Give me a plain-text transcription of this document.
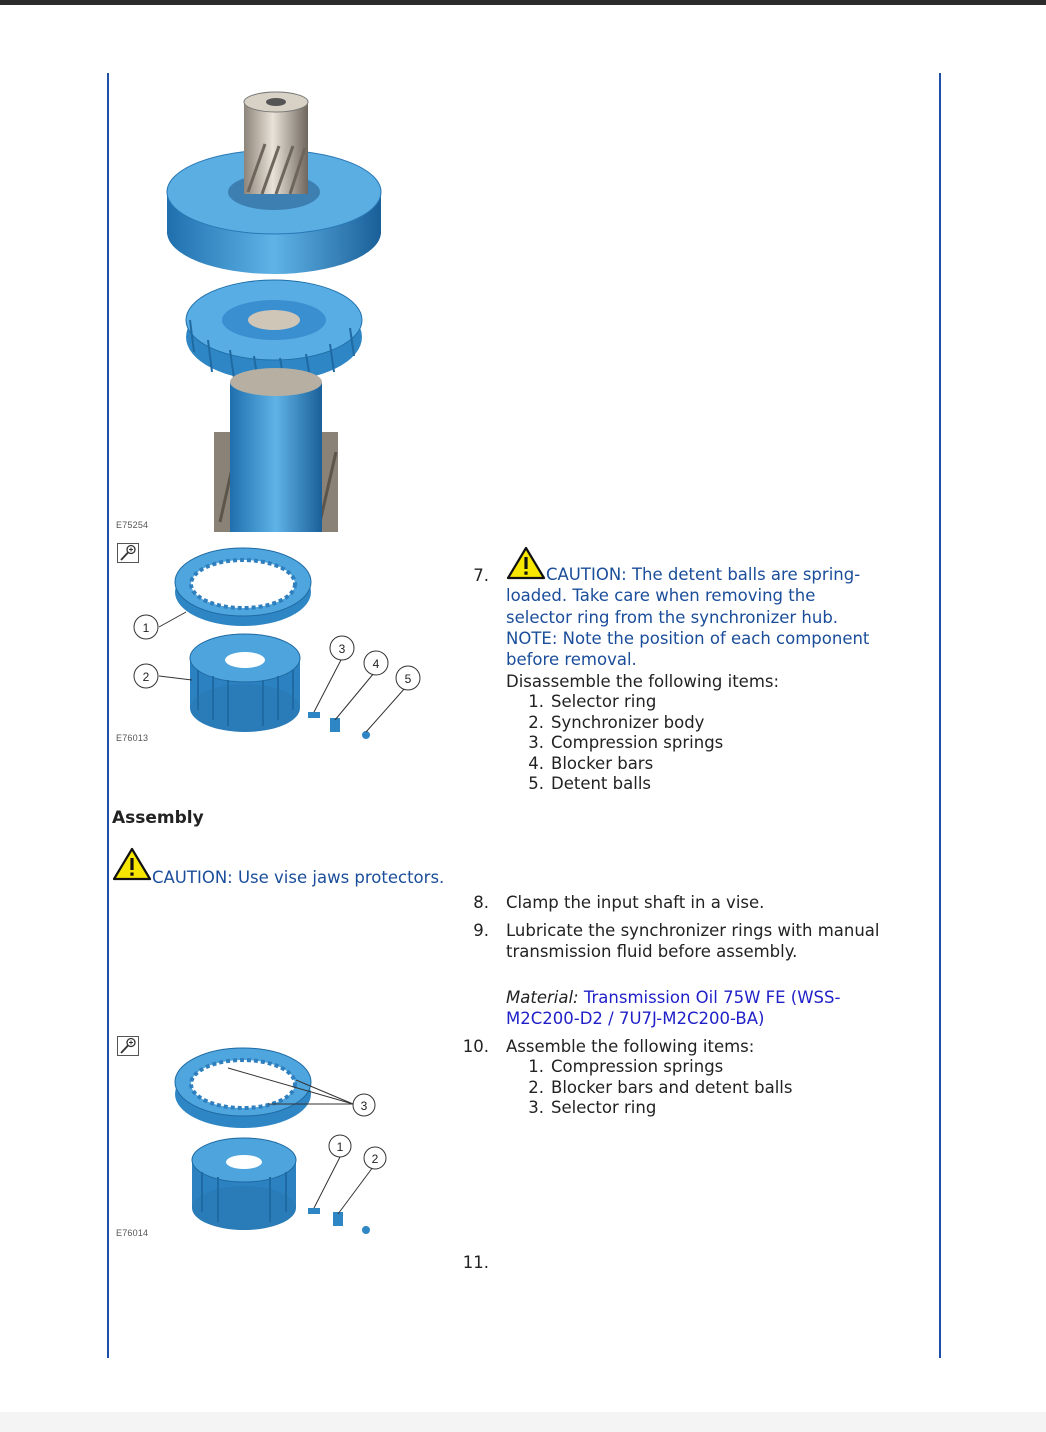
E75254
1
2
3
4
5
E76013
7.	CAUTION: The detent balls are spring-
loaded. Take care when removing the
selector ring from the synchronizer hub.
NOTE: Note the position of each component
before removal.
Disassemble the following items:
1. Selector ring
2. Synchronizer body
3. Compression springs
4. Blocker bars
5. Detent balls
Assembly
CAUTION: Use vise jaws protectors.
8. Clamp the input shaft in a vise.
9. Lubricate the synchronizer rings with manual
transmission fluid before assembly.
Material: Transmission Oil 75W FE (WSS-
M2C200-D2 / 7U7J-M2C200-BA)
10. Assemble the following items:
1. Compression springs
2. Blocker bars and detent balls
3. Selector ring
3
1
2
E76014
11.
